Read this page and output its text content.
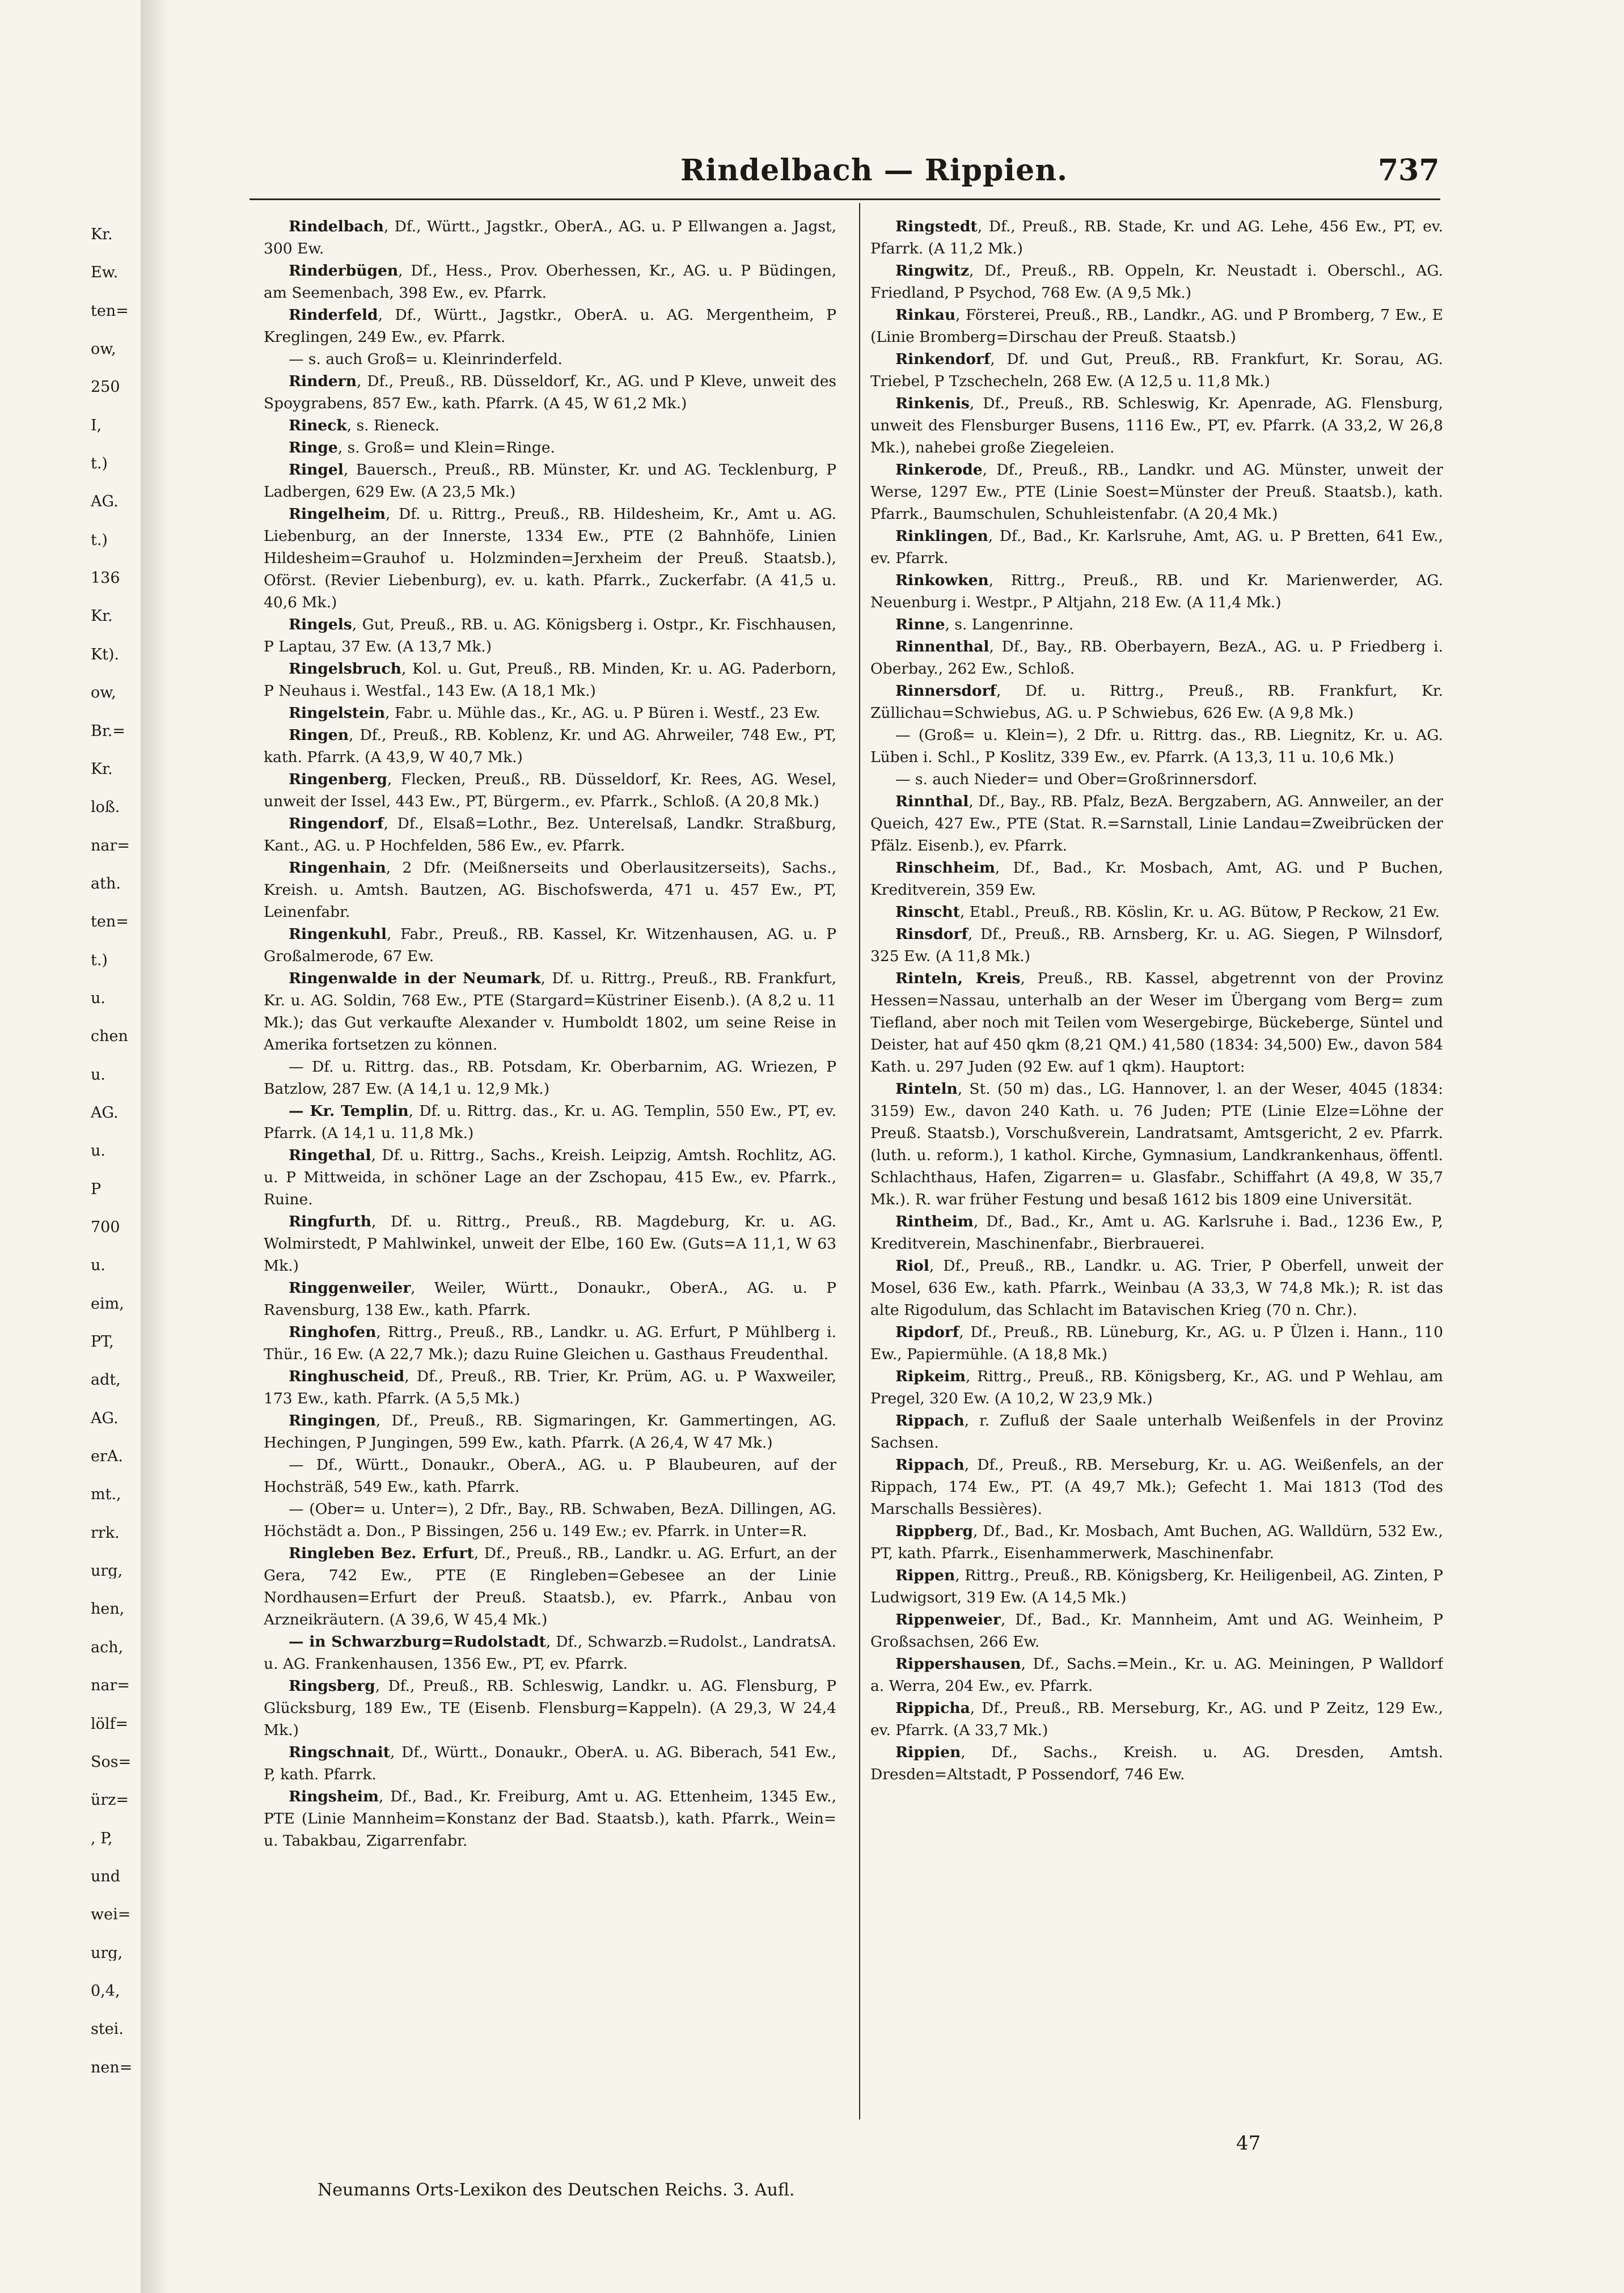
Kr.
Ew.
ten=
ow,
250
I,
t.)
AG.
t.)
136
Kr.
Kt).
ow,
Br.=
Kr.
loß.
nar=
ath.
ten=
t.)
u.
chen
u.
AG.
u.
P
700
u.
eim,
PT,
adt,
AG.
erA.
mt.,
rrk.
urg,
hen,
ach,
nar=
lölf=
Sos=
ürz=
, P,
und
wei=
urg,
0,4,
stei.
nen=
Rindelbach — Rippien.	737

Rindelbach, Df., Württ., Jagstkr., OberA., AG. u. P Ellwangen a. Jagst, 300 Ew.

Rinderbügen, Df., Hess., Prov. Oberhessen, Kr., AG. u. P Büdingen, am Seemenbach, 398 Ew., ev. Pfarrk.

Rinderfeld, Df., Württ., Jagstkr., OberA. u. AG. Mergentheim, P Kreglingen, 249 Ew., ev. Pfarrk.

— s. auch Groß= u. Kleinrinderfeld.

Rindern, Df., Preuß., RB. Düsseldorf, Kr., AG. und P Kleve, unweit des Spoygrabens, 857 Ew., kath. Pfarrk. (A 45, W 61,2 Mk.)

Rineck, s. Rieneck.

Ringe, s. Groß= und Klein=Ringe.

Ringel, Bauersch., Preuß., RB. Münster, Kr. und AG. Tecklenburg, P Ladbergen, 629 Ew. (A 23,5 Mk.)

Ringelheim, Df. u. Rittrg., Preuß., RB. Hildesheim, Kr., Amt u. AG. Liebenburg, an der Innerste, 1334 Ew., PTE (2 Bahnhöfe, Linien Hildesheim=Grauhof u. Holzminden=Jerxheim der Preuß. Staatsb.), Oförst. (Revier Liebenburg), ev. u. kath. Pfarrk., Zuckerfabr. (A 41,5 u. 40,6 Mk.)

Ringels, Gut, Preuß., RB. u. AG. Königsberg i. Ostpr., Kr. Fischhausen, P Laptau, 37 Ew. (A 13,7 Mk.)

Ringelsbruch, Kol. u. Gut, Preuß., RB. Minden, Kr. u. AG. Paderborn, P Neuhaus i. Westfal., 143 Ew. (A 18,1 Mk.)

Ringelstein, Fabr. u. Mühle das., Kr., AG. u. P Büren i. Westf., 23 Ew.

Ringen, Df., Preuß., RB. Koblenz, Kr. und AG. Ahrweiler, 748 Ew., PT, kath. Pfarrk. (A 43,9, W 40,7 Mk.)

Ringenberg, Flecken, Preuß., RB. Düsseldorf, Kr. Rees, AG. Wesel, unweit der Issel, 443 Ew., PT, Bürgerm., ev. Pfarrk., Schloß. (A 20,8 Mk.)

Ringendorf, Df., Elsaß=Lothr., Bez. Unterelsaß, Landkr. Straßburg, Kant., AG. u. P Hochfelden, 586 Ew., ev. Pfarrk.

Ringenhain, 2 Dfr. (Meißnerseits und Oberlausitzerseits), Sachs., Kreish. u. Amtsh. Bautzen, AG. Bischofswerda, 471 u. 457 Ew., PT, Leinenfabr.

Ringenkuhl, Fabr., Preuß., RB. Kassel, Kr. Witzenhausen, AG. u. P Großalmerode, 67 Ew.

Ringenwalde in der Neumark, Df. u. Rittrg., Preuß., RB. Frankfurt, Kr. u. AG. Soldin, 768 Ew., PTE (Stargard=Küstriner Eisenb.). (A 8,2 u. 11 Mk.); das Gut verkaufte Alexander v. Humboldt 1802, um seine Reise in Amerika fortsetzen zu können.

— Df. u. Rittrg. das., RB. Potsdam, Kr. Oberbarnim, AG. Wriezen, P Batzlow, 287 Ew. (A 14,1 u. 12,9 Mk.)

— Kr. Templin, Df. u. Rittrg. das., Kr. u. AG. Templin, 550 Ew., PT, ev. Pfarrk. (A 14,1 u. 11,8 Mk.)

Ringethal, Df. u. Rittrg., Sachs., Kreish. Leipzig, Amtsh. Rochlitz, AG. u. P Mittweida, in schöner Lage an der Zschopau, 415 Ew., ev. Pfarrk., Ruine.

Ringfurth, Df. u. Rittrg., Preuß., RB. Magdeburg, Kr. u. AG. Wolmirstedt, P Mahlwinkel, unweit der Elbe, 160 Ew. (Guts=A 11,1, W 63 Mk.)

Ringgenweiler, Weiler, Württ., Donaukr., OberA., AG. u. P Ravensburg, 138 Ew., kath. Pfarrk.

Ringhofen, Rittrg., Preuß., RB., Landkr. u. AG. Erfurt, P Mühlberg i. Thür., 16 Ew. (A 22,7 Mk.); dazu Ruine Gleichen u. Gasthaus Freudenthal.

Ringhuscheid, Df., Preuß., RB. Trier, Kr. Prüm, AG. u. P Waxweiler, 173 Ew., kath. Pfarrk. (A 5,5 Mk.)

Ringingen, Df., Preuß., RB. Sigmaringen, Kr. Gammertingen, AG. Hechingen, P Jungingen, 599 Ew., kath. Pfarrk. (A 26,4, W 47 Mk.)

— Df., Württ., Donaukr., OberA., AG. u. P Blaubeuren, auf der Hochsträß, 549 Ew., kath. Pfarrk.

— (Ober= u. Unter=), 2 Dfr., Bay., RB. Schwaben, BezA. Dillingen, AG. Höchstädt a. Don., P Bissingen, 256 u. 149 Ew.; ev. Pfarrk. in Unter=R.

Ringleben Bez. Erfurt, Df., Preuß., RB., Landkr. u. AG. Erfurt, an der Gera, 742 Ew., PTE (E Ringleben=Gebesee an der Linie Nordhausen=Erfurt der Preuß. Staatsb.), ev. Pfarrk., Anbau von Arzneikräutern. (A 39,6, W 45,4 Mk.)

— in Schwarzburg=Rudolstadt, Df., Schwarzb.=Rudolst., LandratsA. u. AG. Frankenhausen, 1356 Ew., PT, ev. Pfarrk.

Ringsberg, Df., Preuß., RB. Schleswig, Landkr. u. AG. Flensburg, P Glücksburg, 189 Ew., TE (Eisenb. Flensburg=Kappeln). (A 29,3, W 24,4 Mk.)

Ringschnait, Df., Württ., Donaukr., OberA. u. AG. Biberach, 541 Ew., P, kath. Pfarrk.

Ringsheim, Df., Bad., Kr. Freiburg, Amt u. AG. Ettenheim, 1345 Ew., PTE (Linie Mannheim=Konstanz der Bad. Staatsb.), kath. Pfarrk., Wein= u. Tabakbau, Zigarrenfabr.

Ringstedt, Df., Preuß., RB. Stade, Kr. und AG. Lehe, 456 Ew., PT, ev. Pfarrk. (A 11,2 Mk.)

Ringwitz, Df., Preuß., RB. Oppeln, Kr. Neustadt i. Oberschl., AG. Friedland, P Psychod, 768 Ew. (A 9,5 Mk.)

Rinkau, Försterei, Preuß., RB., Landkr., AG. und P Bromberg, 7 Ew., E (Linie Bromberg=Dirschau der Preuß. Staatsb.)

Rinkendorf, Df. und Gut, Preuß., RB. Frankfurt, Kr. Sorau, AG. Triebel, P Tzschecheln, 268 Ew. (A 12,5 u. 11,8 Mk.)

Rinkenis, Df., Preuß., RB. Schleswig, Kr. Apenrade, AG. Flensburg, unweit des Flensburger Busens, 1116 Ew., PT, ev. Pfarrk. (A 33,2, W 26,8 Mk.), nahebei große Ziegeleien.

Rinkerode, Df., Preuß., RB., Landkr. und AG. Münster, unweit der Werse, 1297 Ew., PTE (Linie Soest=Münster der Preuß. Staatsb.), kath. Pfarrk., Baumschulen, Schuhleistenfabr. (A 20,4 Mk.)

Rinklingen, Df., Bad., Kr. Karlsruhe, Amt, AG. u. P Bretten, 641 Ew., ev. Pfarrk.

Rinkowken, Rittrg., Preuß., RB. und Kr. Marienwerder, AG. Neuenburg i. Westpr., P Altjahn, 218 Ew. (A 11,4 Mk.)

Rinne, s. Langenrinne.

Rinnenthal, Df., Bay., RB. Oberbayern, BezA., AG. u. P Friedberg i. Oberbay., 262 Ew., Schloß.

Rinnersdorf, Df. u. Rittrg., Preuß., RB. Frankfurt, Kr. Züllichau=Schwiebus, AG. u. P Schwiebus, 626 Ew. (A 9,8 Mk.)

— (Groß= u. Klein=), 2 Dfr. u. Rittrg. das., RB. Liegnitz, Kr. u. AG. Lüben i. Schl., P Koslitz, 339 Ew., ev. Pfarrk. (A 13,3, 11 u. 10,6 Mk.)

— s. auch Nieder= und Ober=Großrinnersdorf.

Rinnthal, Df., Bay., RB. Pfalz, BezA. Bergzabern, AG. Annweiler, an der Queich, 427 Ew., PTE (Stat. R.=Sarnstall, Linie Landau=Zweibrücken der Pfälz. Eisenb.), ev. Pfarrk.

Rinschheim, Df., Bad., Kr. Mosbach, Amt, AG. und P Buchen, Kreditverein, 359 Ew.

Rinscht, Etabl., Preuß., RB. Köslin, Kr. u. AG. Bütow, P Reckow, 21 Ew.

Rinsdorf, Df., Preuß., RB. Arnsberg, Kr. u. AG. Siegen, P Wilnsdorf, 325 Ew. (A 11,8 Mk.)

Rinteln, Kreis, Preuß., RB. Kassel, abgetrennt von der Provinz Hessen=Nassau, unterhalb an der Weser im Übergang vom Berg= zum Tiefland, aber noch mit Teilen vom Wesergebirge, Bückeberge, Süntel und Deister, hat auf 450 qkm (8,21 QM.) 41,580 (1834: 34,500) Ew., davon 584 Kath. u. 297 Juden (92 Ew. auf 1 qkm). Hauptort:

Rinteln, St. (50 m) das., LG. Hannover, l. an der Weser, 4045 (1834: 3159) Ew., davon 240 Kath. u. 76 Juden; PTE (Linie Elze=Löhne der Preuß. Staatsb.), Vorschußverein, Landratsamt, Amtsgericht, 2 ev. Pfarrk. (luth. u. reform.), 1 kathol. Kirche, Gymnasium, Landkrankenhaus, öffentl. Schlachthaus, Hafen, Zigarren= u. Glasfabr., Schiffahrt (A 49,8, W 35,7 Mk.). R. war früher Festung und besaß 1612 bis 1809 eine Universität.

Rintheim, Df., Bad., Kr., Amt u. AG. Karlsruhe i. Bad., 1236 Ew., P, Kreditverein, Maschinenfabr., Bierbrauerei.

Riol, Df., Preuß., RB., Landkr. u. AG. Trier, P Oberfell, unweit der Mosel, 636 Ew., kath. Pfarrk., Weinbau (A 33,3, W 74,8 Mk.); R. ist das alte Rigodulum, das Schlacht im Batavischen Krieg (70 n. Chr.).

Ripdorf, Df., Preuß., RB. Lüneburg, Kr., AG. u. P Ülzen i. Hann., 110 Ew., Papiermühle. (A 18,8 Mk.)

Ripkeim, Rittrg., Preuß., RB. Königsberg, Kr., AG. und P Wehlau, am Pregel, 320 Ew. (A 10,2, W 23,9 Mk.)

Rippach, r. Zufluß der Saale unterhalb Weißenfels in der Provinz Sachsen.

Rippach, Df., Preuß., RB. Merseburg, Kr. u. AG. Weißenfels, an der Rippach, 174 Ew., PT. (A 49,7 Mk.); Gefecht 1. Mai 1813 (Tod des Marschalls Bessières).

Rippberg, Df., Bad., Kr. Mosbach, Amt Buchen, AG. Walldürn, 532 Ew., PT, kath. Pfarrk., Eisenhammerwerk, Maschinenfabr.

Rippen, Rittrg., Preuß., RB. Königsberg, Kr. Heiligenbeil, AG. Zinten, P Ludwigsort, 319 Ew. (A 14,5 Mk.)

Rippenweier, Df., Bad., Kr. Mannheim, Amt und AG. Weinheim, P Großsachsen, 266 Ew.

Rippershausen, Df., Sachs.=Mein., Kr. u. AG. Meiningen, P Walldorf a. Werra, 204 Ew., ev. Pfarrk.

Rippicha, Df., Preuß., RB. Merseburg, Kr., AG. und P Zeitz, 129 Ew., ev. Pfarrk. (A 33,7 Mk.)

Rippien, Df., Sachs., Kreish. u. AG. Dresden, Amtsh. Dresden=Altstadt, P Possendorf, 746 Ew.

47
Neumanns Orts-Lexikon des Deutschen Reichs. 3. Aufl.
